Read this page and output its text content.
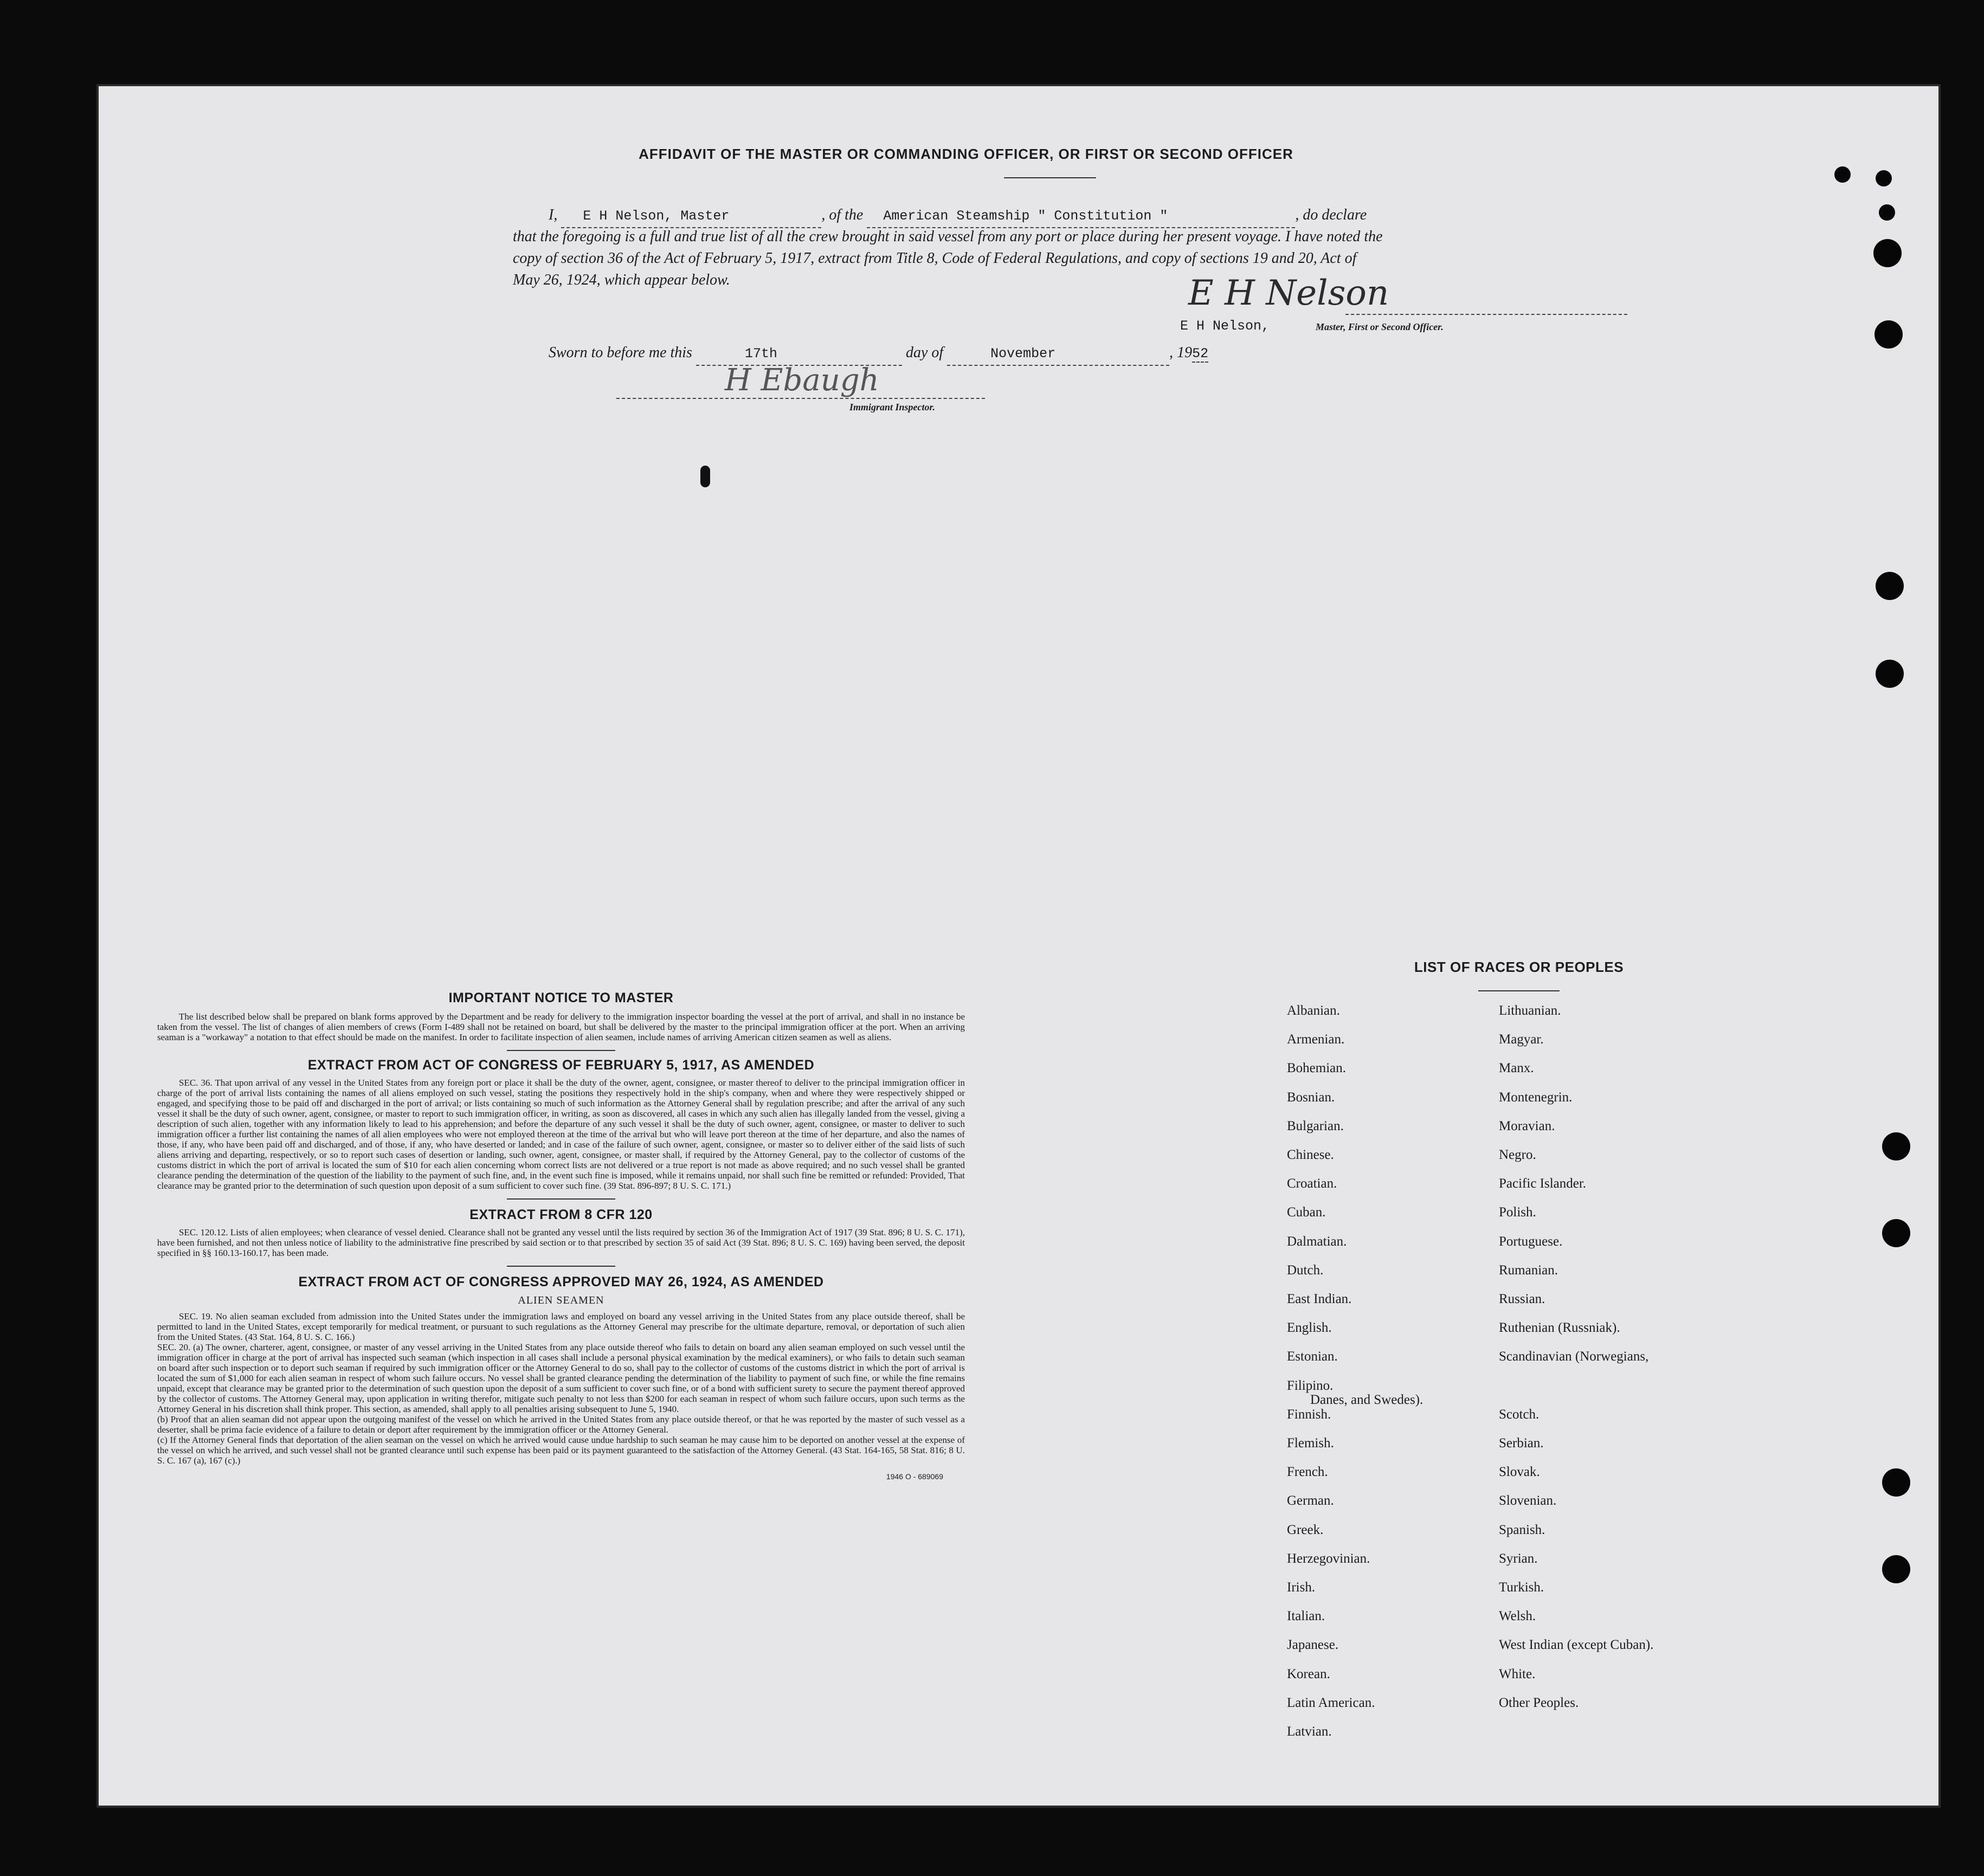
AFFIDAVIT OF THE MASTER OR COMMANDING OFFICER, OR FIRST OR SECOND OFFICER
I, E H Nelson, Master	, of the American Steamship " Constitution "	, do declare
that the foregoing is a full and true list of all the crew brought in said vessel from any port or place during her present voyage. I have noted the
copy of section 36 of the Act of February 5, 1917, extract from Title 8, Code of Federal Regulations, and copy of sections 19 and 20, Act of
May 26, 1924, which appear below.	E H Nelson
E H Nelson,	Master, First or Second Officer.
Sworn to before me this	17th	day of	November	, 1952
H Ebaugh
Immigrant Inspector.
IMPORTANT NOTICE TO MASTER
The list described below shall be prepared on blank forms approved by the Department and be ready for delivery to the immigration inspector boarding the vessel at the port of arrival, and shall in no instance be taken from the vessel. The list of changes of alien members of crews (Form I-489 shall not be retained on board, but shall be delivered by the master to the principal immigration officer at the port. When an arriving seaman is a "workaway" a notation to that effect should be made on the manifest. In order to facilitate inspection of alien seamen, include names of arriving American citizen seamen as well as aliens.
EXTRACT FROM ACT OF CONGRESS OF FEBRUARY 5, 1917, AS AMENDED
SEC. 36. That upon arrival of any vessel in the United States from any foreign port or place it shall be the duty of the owner, agent, consignee, or master thereof to deliver to the principal immigration officer in charge of the port of arrival lists containing the names of all aliens employed on such vessel, stating the positions they respectively hold in the ship's company, when and where they were respectively shipped or engaged, and specifying those to be paid off and discharged in the port of arrival; or lists containing so much of such information as the Attorney General shall by regulation prescribe; and after the arrival of any such vessel it shall be the duty of such owner, agent, consignee, or master to report to such immigration officer, in writing, as soon as discovered, all cases in which any such alien has illegally landed from the vessel, giving a description of such alien, together with any information likely to lead to his apprehension; and before the departure of any such vessel it shall be the duty of such owner, agent, consignee, or master to deliver to such immigration officer a further list containing the names of all alien employees who were not employed thereon at the time of the arrival but who will leave port thereon at the time of her departure, and also the names of those, if any, who have been paid off and discharged, and of those, if any, who have deserted or landed; and in case of the failure of such owner, agent, consignee, or master so to deliver either of the said lists of such aliens arriving and departing, respectively, or so to report such cases of desertion or landing, such owner, agent, consignee, or master shall, if required by the Attorney General, pay to the collector of customs of the customs district in which the port of arrival is located the sum of $10 for each alien concerning whom correct lists are not delivered or a true report is not made as above required; and no such vessel shall be granted clearance pending the determination of the question of the liability to the payment of such fine, and, in the event such fine is imposed, while it remains unpaid, nor shall such fine be remitted or refunded: Provided, That clearance may be granted prior to the determination of such question upon deposit of a sum sufficient to cover such fine. (39 Stat. 896-897; 8 U. S. C. 171.)
EXTRACT FROM 8 CFR 120
SEC. 120.12. Lists of alien employees; when clearance of vessel denied. Clearance shall not be granted any vessel until the lists required by section 36 of the Immigration Act of 1917 (39 Stat. 896; 8 U. S. C. 171), have been furnished, and not then unless notice of liability to the administrative fine prescribed by said section or to that prescribed by section 35 of said Act (39 Stat. 896; 8 U. S. C. 169) having been served, the deposit specified in §§ 160.13-160.17, has been made.
EXTRACT FROM ACT OF CONGRESS APPROVED MAY 26, 1924, AS AMENDED
ALIEN SEAMEN
SEC. 19. No alien seaman excluded from admission into the United States under the immigration laws and employed on board any vessel arriving in the United States from any place outside thereof, shall be permitted to land in the United States, except temporarily for medical treatment, or pursuant to such regulations as the Attorney General may prescribe for the ultimate departure, removal, or deportation of such alien from the United States. (43 Stat. 164, 8 U. S. C. 166.)
SEC. 20. (a) The owner, charterer, agent, consignee, or master of any vessel arriving in the United States from any place outside thereof who fails to detain on board any alien seaman employed on such vessel until the immigration officer in charge at the port of arrival has inspected such seaman (which inspection in all cases shall include a personal physical examination by the medical examiners), or who fails to detain such seaman on board after such inspection or to deport such seaman if required by such immigration officer or the Attorney General to do so, shall pay to the collector of customs of the customs district in which the port of arrival is located the sum of $1,000 for each alien seaman in respect of whom such failure occurs. No vessel shall be granted clearance pending the determination of the liability to payment of such fine, or while the fine remains unpaid, except that clearance may be granted prior to the determination of such question upon the deposit of a sum sufficient to cover such fine, or of a bond with sufficient surety to secure the payment thereof approved by the collector of customs. The Attorney General may, upon application in writing therefor, mitigate such penalty to not less than $200 for each seaman in respect of whom such failure occurs, upon such terms as the Attorney General in his discretion shall think proper. This section, as amended, shall apply to all penalties arising subsequent to June 5, 1940.
(b) Proof that an alien seaman did not appear upon the outgoing manifest of the vessel on which he arrived in the United States from any place outside thereof, or that he was reported by the master of such vessel as a deserter, shall be prima facie evidence of a failure to detain or deport after requirement by the immigration officer or the Attorney General.
(c) If the Attorney General finds that deportation of the alien seaman on the vessel on which he arrived would cause undue hardship to such seaman he may cause him to be deported on another vessel at the expense of the vessel on which he arrived, and such vessel shall not be granted clearance until such expense has been paid or its payment guaranteed to the satisfaction of the Attorney General. (43 Stat. 164-165, 58 Stat. 816; 8 U. S. C. 167 (a), 167 (c).)
1946 O - 689069
LIST OF RACES OR PEOPLES
Albanian.
Armenian.
Bohemian.
Bosnian.
Bulgarian.
Chinese.
Croatian.
Cuban.
Dalmatian.
Dutch.
East Indian.
English.
Estonian.
Filipino.
Finnish.
Flemish.
French.
German.
Greek.
Herzegovinian.
Irish.
Italian.
Japanese.
Korean.
Latin American.
Latvian.
Lithuanian.
Magyar.
Manx.
Montenegrin.
Moravian.
Negro.
Pacific Islander.
Polish.
Portuguese.
Rumanian.
Russian.
Ruthenian (Russniak).
Scandinavian (Norwegians,
Danes, and Swedes).
Scotch.
Serbian.
Slovak.
Slovenian.
Spanish.
Syrian.
Turkish.
Welsh.
West Indian (except Cuban).
White.
Other Peoples.
